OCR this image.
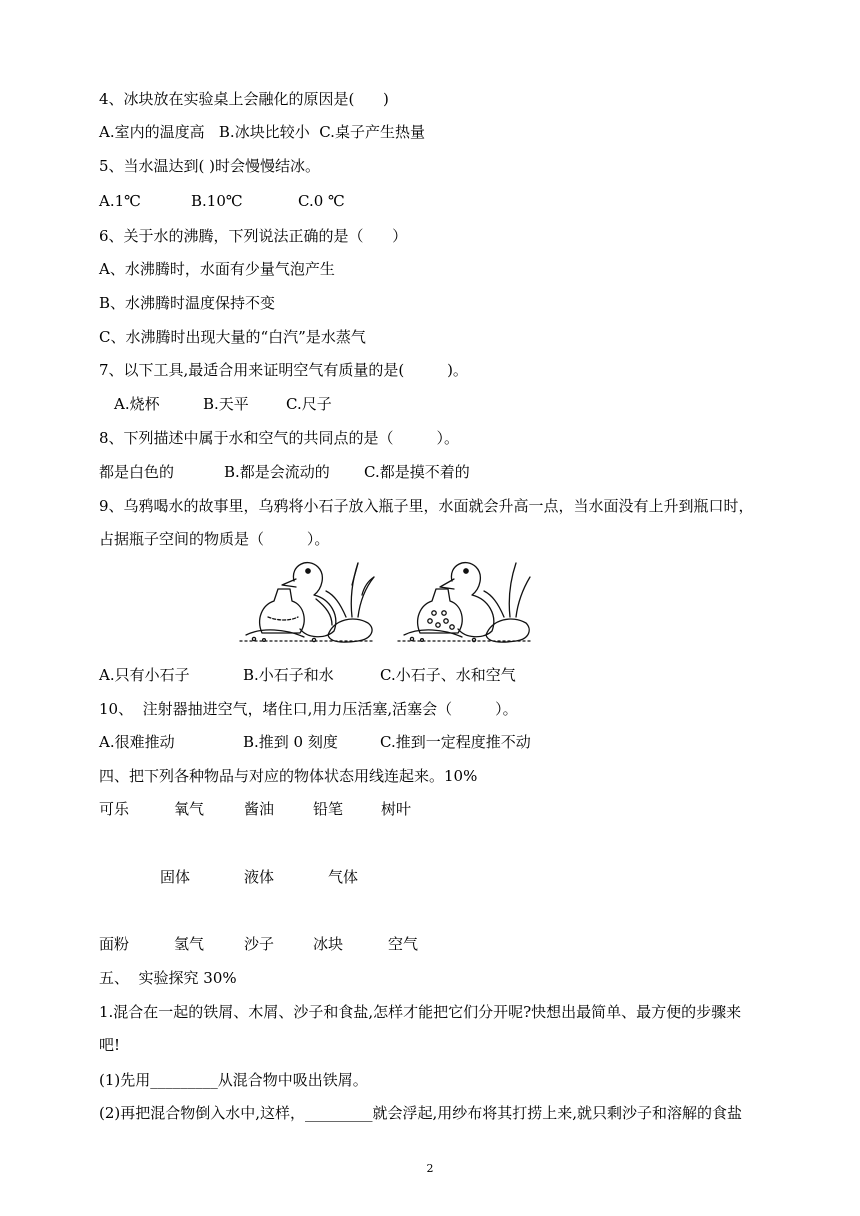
4、冰块放在实验桌上会融化的原因是(      )
A.室内的温度高   B.冰块比较小  C.桌子产生热量
5、当水温达到( )时会慢慢结冰。
A.1℃	B.10℃	C.0 ℃
6、关于水的沸腾，下列说法正确的是（      ）
A、水沸腾时，水面有少量气泡产生
B、水沸腾时温度保持不变
C、水沸腾时出现大量的“白汽”是水蒸气
7、以下工具,最适合用来证明空气有质量的是(         )。
A.烧杯	B.天平 C.尺子
8、下列描述中属于水和空气的共同点的是（         ）。
都是白色的	B.都是会流动的 C.都是摸不着的
9、乌鸦喝水的故事里，乌鸦将小石子放入瓶子里，水面就会升高一点，当水面没有上升到瓶口时，
占据瓶子空间的物质是（         ）。
A.只有小石子	B.小石子和水	C.小石子、水和空气
10、  注射器抽进空气，堵住口,用力压活塞,活塞会（         ）。
A.很难推动	B.推到 0 刻度	C.推到一定程度推不动
四、把下列各种物品与对应的物体状态用线连起来。10%
可乐	氧气	酱油	铅笔	树叶
固体	液体	气体
面粉	氢气	沙子	冰块	空气
五、  实验探究 30%
1.混合在一起的铁屑、木屑、沙子和食盐,怎样才能把它们分开呢?快想出最简单、最方便的步骤来
吧!
(1)先用_________从混合物中吸出铁屑。
(2)再把混合物倒入水中,这样，_________就会浮起,用纱布将其打捞上来,就只剩沙子和溶解的食盐
2
